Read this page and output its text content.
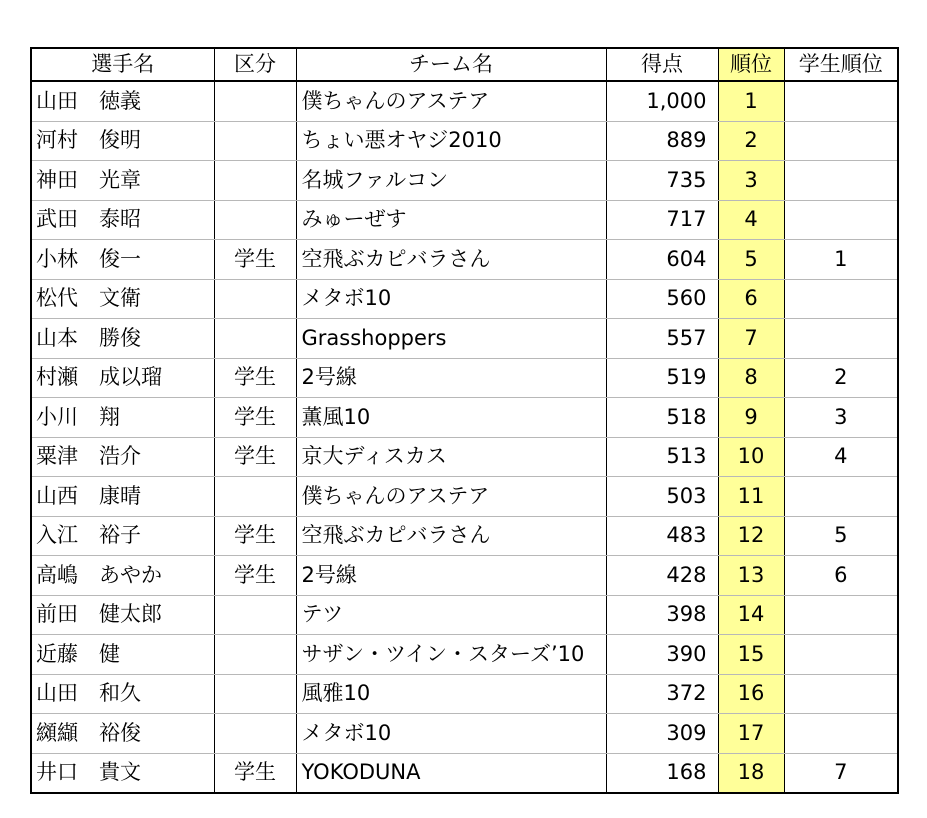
選手名	区分	チーム名	得点	順位	学生順位
山田　徳義		僕ちゃんのアステア	1,000	1	
河村　俊明		ちょい悪オヤジ2010	889	2	
神田　光章		名城ファルコン	735	3	
武田　泰昭		みゅーぜす	717	4	
小林　俊一	学生	空飛ぶカピバラさん	604	5	1
松代　文衛		メタボ10	560	6	
山本　勝俊		Grasshoppers	557	7	
村瀬　成以瑠	学生	2号線	519	8	2
小川　翔	学生	薫風10	518	9	3
粟津　浩介	学生	京大ディスカス	513	10	4
山西　康晴		僕ちゃんのアステア	503	11	
入江　裕子	学生	空飛ぶカピバラさん	483	12	5
高嶋　あやか	学生	2号線	428	13	6
前田　健太郎		テツ	398	14	
近藤　健		サザン・ツイン・スターズ’10	390	15	
山田　和久		風雅10	372	16	
纐纈　裕俊		メタボ10	309	17	
井口　貴文	学生	YOKODUNA	168	18	7
